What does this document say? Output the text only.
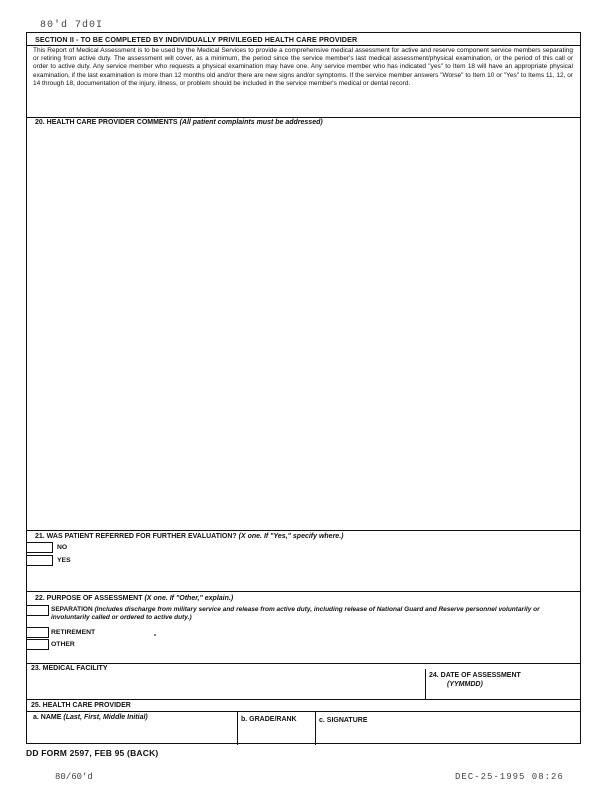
80'd 7d0I
SECTION II - TO BE COMPLETED BY INDIVIDUALLY PRIVILEGED HEALTH CARE PROVIDER
This Report of Medical Assessment is to be used by the Medical Services to provide a comprehensive medical assessment for active and reserve component service members separating or retiring from active duty. The assessment will cover, as a minimum, the period since the service member's last medical assessment/physical examination, or the period of this call or order to active duty. Any service member who requests a physical examination may have one. Any service member who has indicated "yes" to Item 18 will have an appropriate physical examination, if the last examination is more than 12 months old and/or there are new signs and/or symptoms. If the service member answers "Worse" to Item 10 or "Yes" to Items 11, 12, or 14 through 18, documentation of the injury, illness, or problem should be included in the service member's medical or dental record.
20. HEALTH CARE PROVIDER COMMENTS (All patient complaints must be addressed)
21. WAS PATIENT REFERRED FOR FURTHER EVALUATION? (X one. If "Yes," specify where.)
NO
YES
22. PURPOSE OF ASSESSMENT (X one. If "Other," explain.)
SEPARATION (Includes discharge from military service and release from active duty, including release of National Guard and Reserve personnel voluntarily or involuntarily called or ordered to active duty.)
RETIREMENT
OTHER
23. MEDICAL FACILITY
24. DATE OF ASSESSMENT
(YYMMDD)
25. HEALTH CARE PROVIDER
a. NAME (Last, First, Middle Initial)	b. GRADE/RANK	c. SIGNATURE
DD FORM 2597, FEB 95 (BACK)
80/60'd	DEC-25-1995 08:26
